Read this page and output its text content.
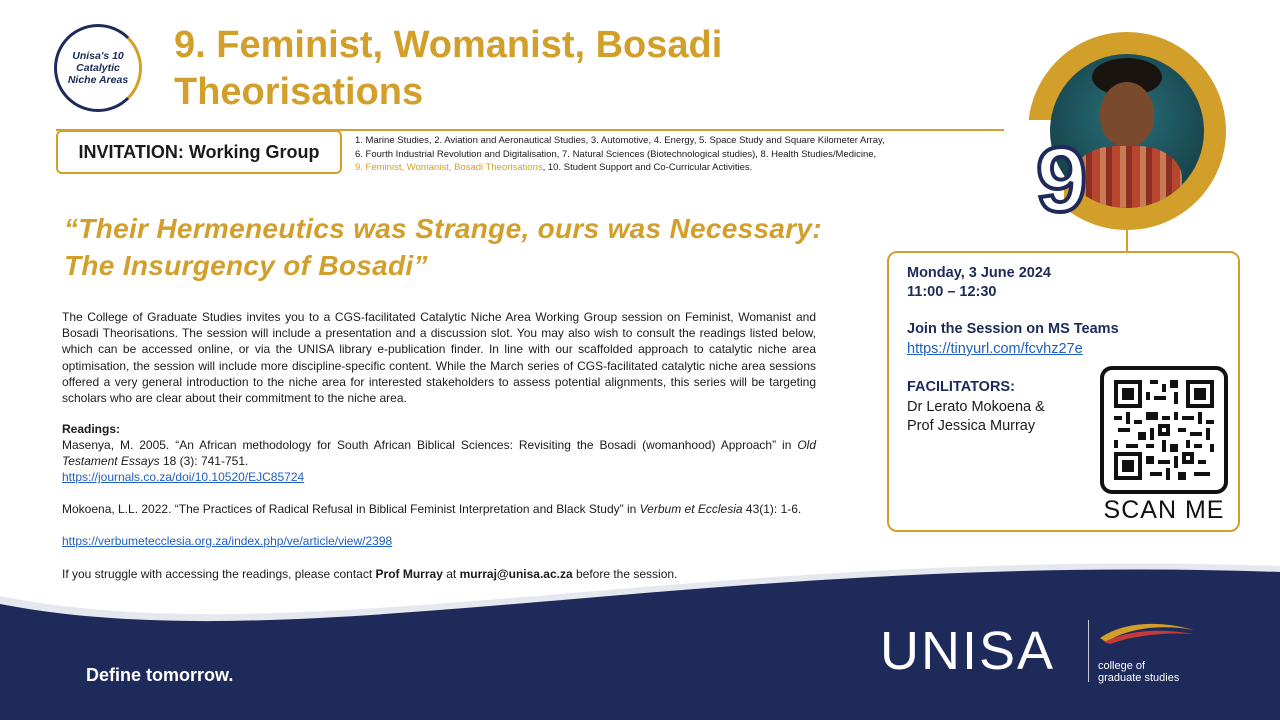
Unisa's 10 Catalytic Niche Areas
9. Feminist, Womanist, Bosadi Theorisations
INVITATION: Working Group
1. Marine Studies, 2. Aviation and Aeronautical Studies, 3. Automotive, 4. Energy, 5. Space Study and Square Kilometer Array,
6. Fourth Industrial Revolution and Digitalisation, 7. Natural Sciences (Biotechnological studies), 8. Health Studies/Medicine,
9. Feminist, Womanist, Bosadi Theorisations, 10. Student Support and Co-Curricular Activities.	9
“Their Hermeneutics was Strange, ours was Necessary: The Insurgency of Bosadi”
The College of Graduate Studies invites you to a CGS-facilitated Catalytic Niche Area Working Group session on Feminist, Womanist and Bosadi Theorisations. The session will include a presentation and a discussion slot. You may also wish to consult the readings listed below, which can be accessed online, or via the UNISA library e-publication finder. In line with our scaffolded approach to catalytic niche area optimisation, the session will include more discipline-specific content. While the March series of CGS-facilitated catalytic niche area sessions offered a very general introduction to the niche area for interested stakeholders to assess potential alignments, this series will be targeting scholars who are clear about their commitment to the niche area.
Readings:
Masenya, M. 2005. “An African methodology for South African Biblical Sciences: Revisiting the Bosadi (womanhood) Approach” in Old Testament Essays 18 (3): 741-751.
https://journals.co.za/doi/10.10520/EJC85724
Mokoena, L.L. 2022. “The Practices of Radical Refusal in Biblical Feminist Interpretation and Black Study” in Verbum et Ecclesia 43(1): 1-6.
https://verbumetecclesia.org.za/index.php/ve/article/view/2398
If you struggle with accessing the readings, please contact Prof Murray at murraj@unisa.ac.za before the session.
Monday, 3 June 2024
11:00 – 12:30
Join the Session on MS Teams
https://tinyurl.com/fcvhz27e
FACILITATORS:
Dr Lerato Mokoena &
Prof Jessica Murray
SCAN ME
Define tomorrow.	UNISA	college of
graduate studies
